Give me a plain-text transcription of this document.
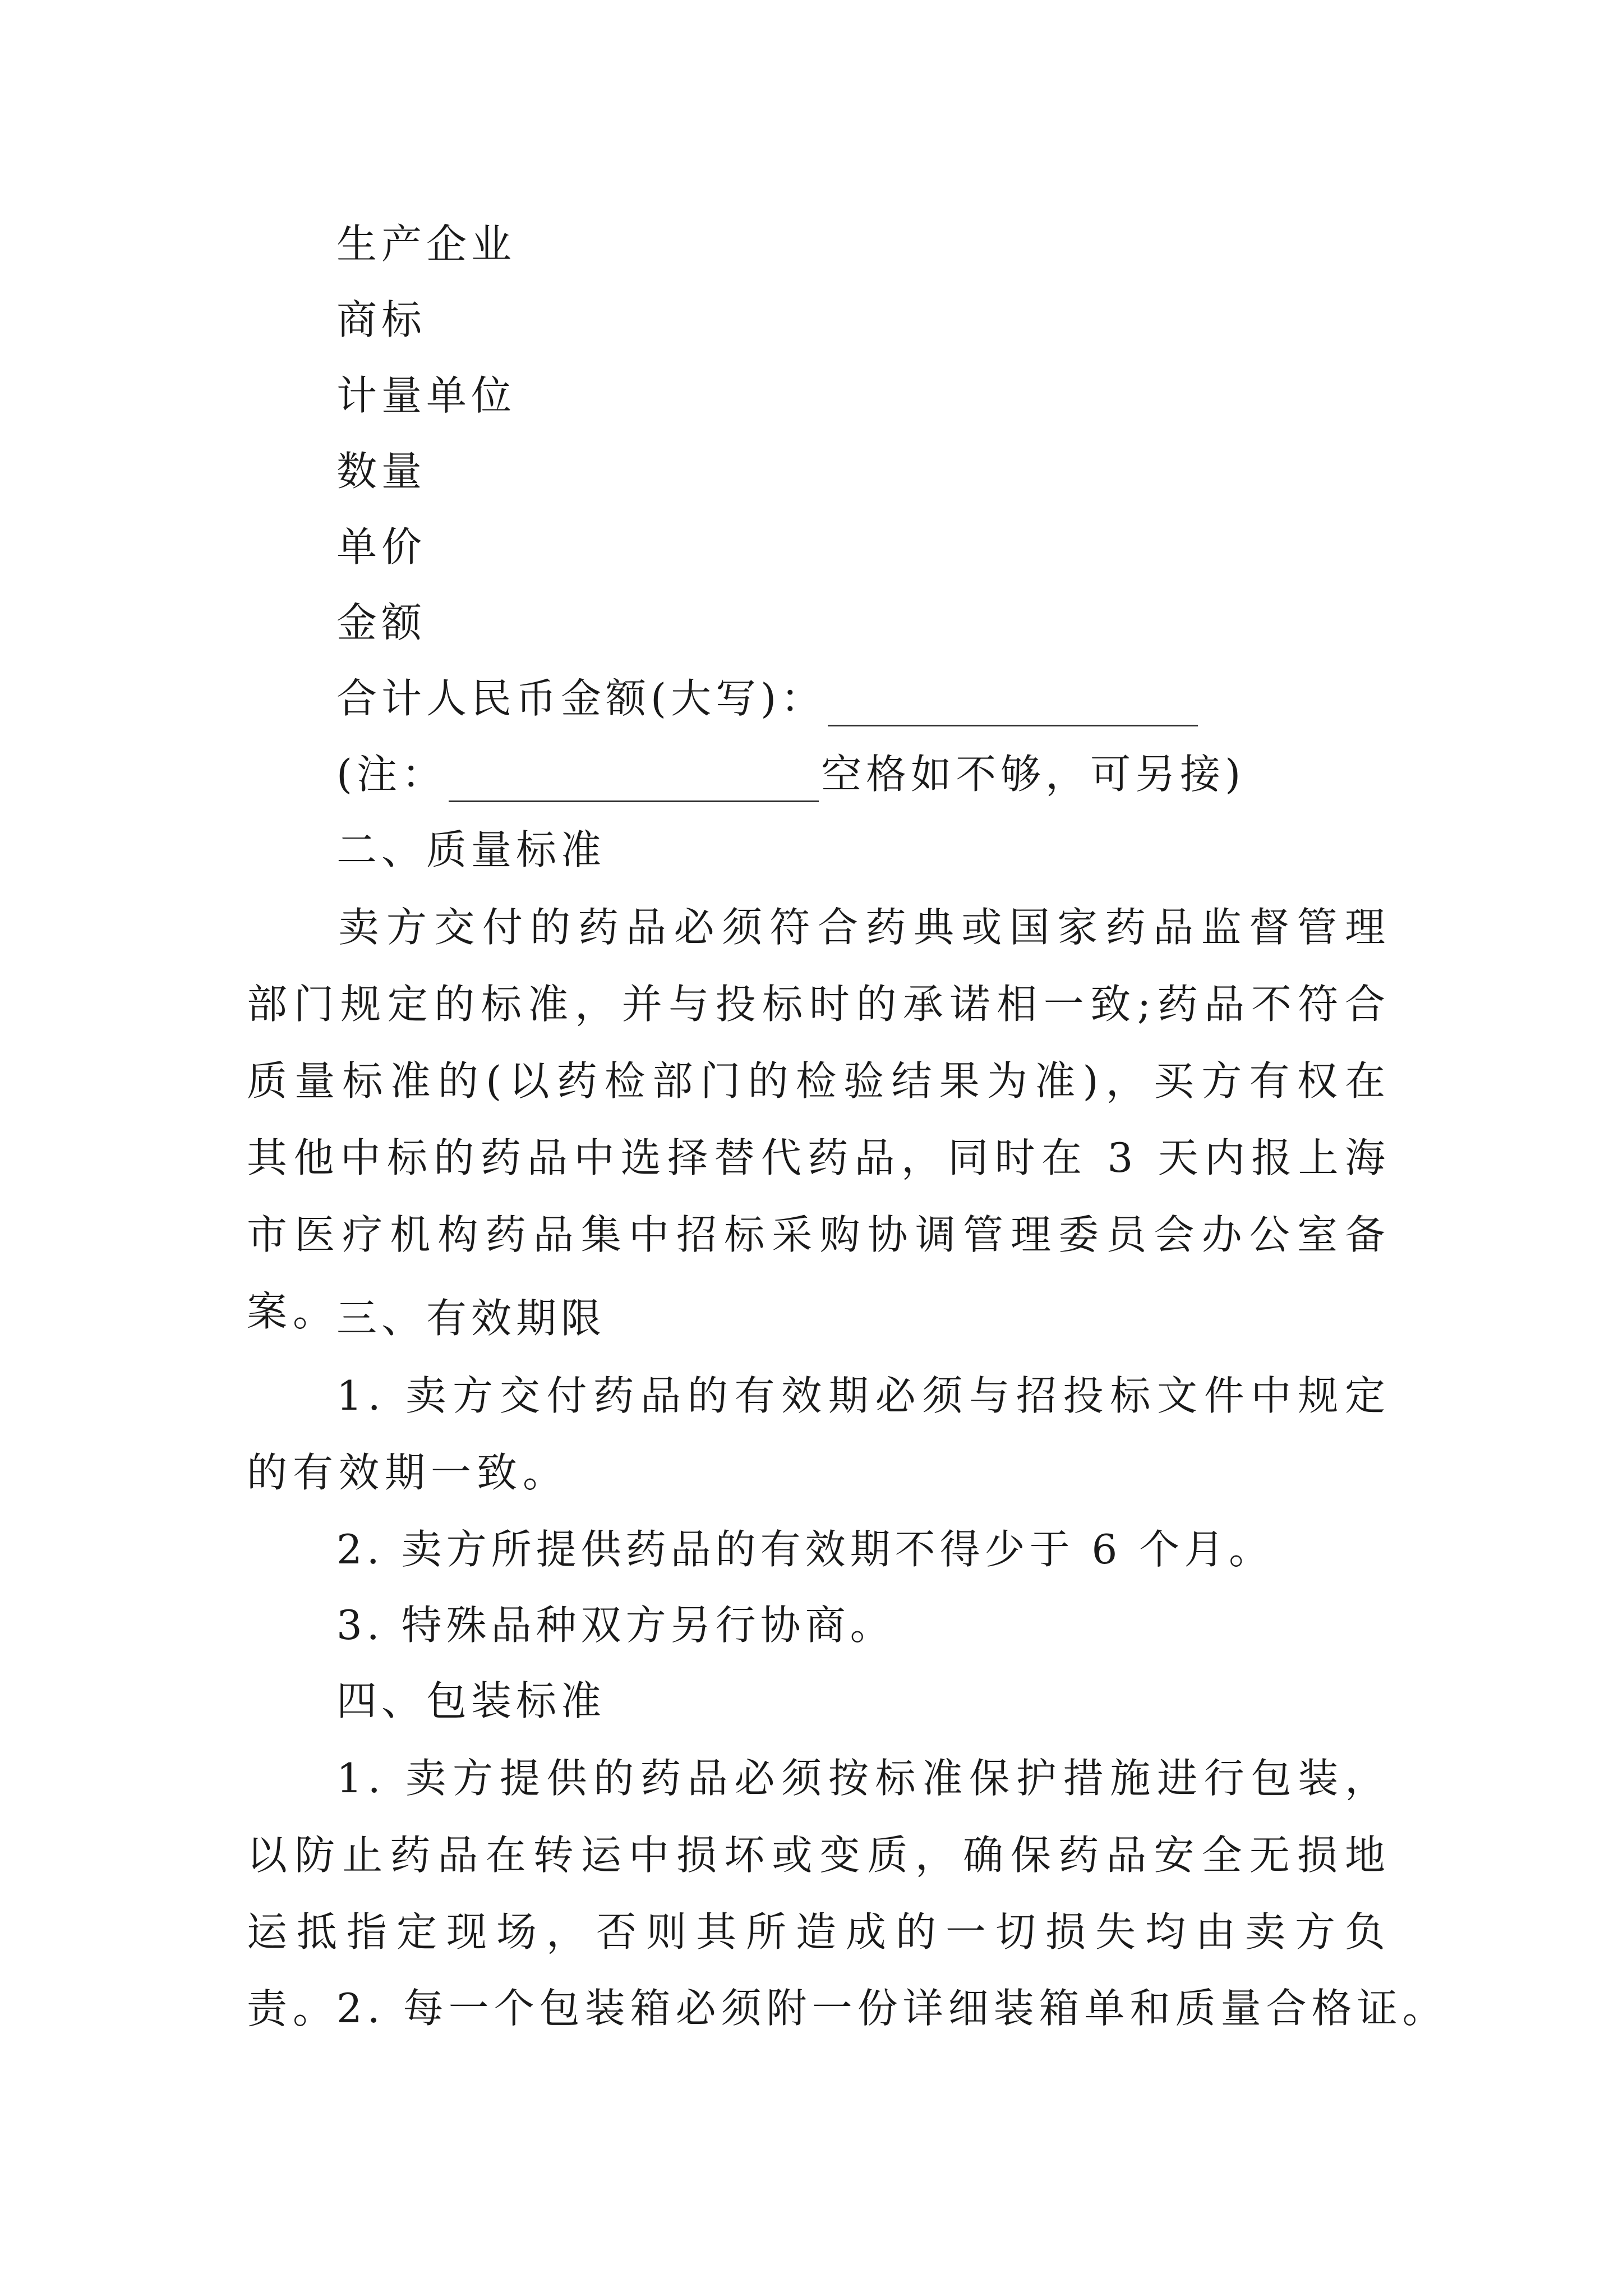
生产企业
商标
计量单位
数量
单价
金额
合计人民币金额(大写)：
(注：	空格如不够，可另接)
二、质量标准
卖方交付的药品必须符合药典或国家药品监督管理部门规定的标准，并与投标时的承诺相一致;药品不符合质量标准的(以药检部门的检验结果为准)，买方有权在其他中标的药品中选择替代药品，同时在 3 天内报上海市医疗机构药品集中招标采购协调管理委员会办公室备案。
三、有效期限
1. 卖方交付药品的有效期必须与招投标文件中规定的有效期一致。
2. 卖方所提供药品的有效期不得少于 6 个月。
3. 特殊品种双方另行协商。
四、包装标准
1. 卖方提供的药品必须按标准保护措施进行包装，以防止药品在转运中损坏或变质，确保药品安全无损地运抵指定现场，否则其所造成的一切损失均由卖方负责。
2. 每一个包装箱必须附一份详细装箱单和质量合格证。
